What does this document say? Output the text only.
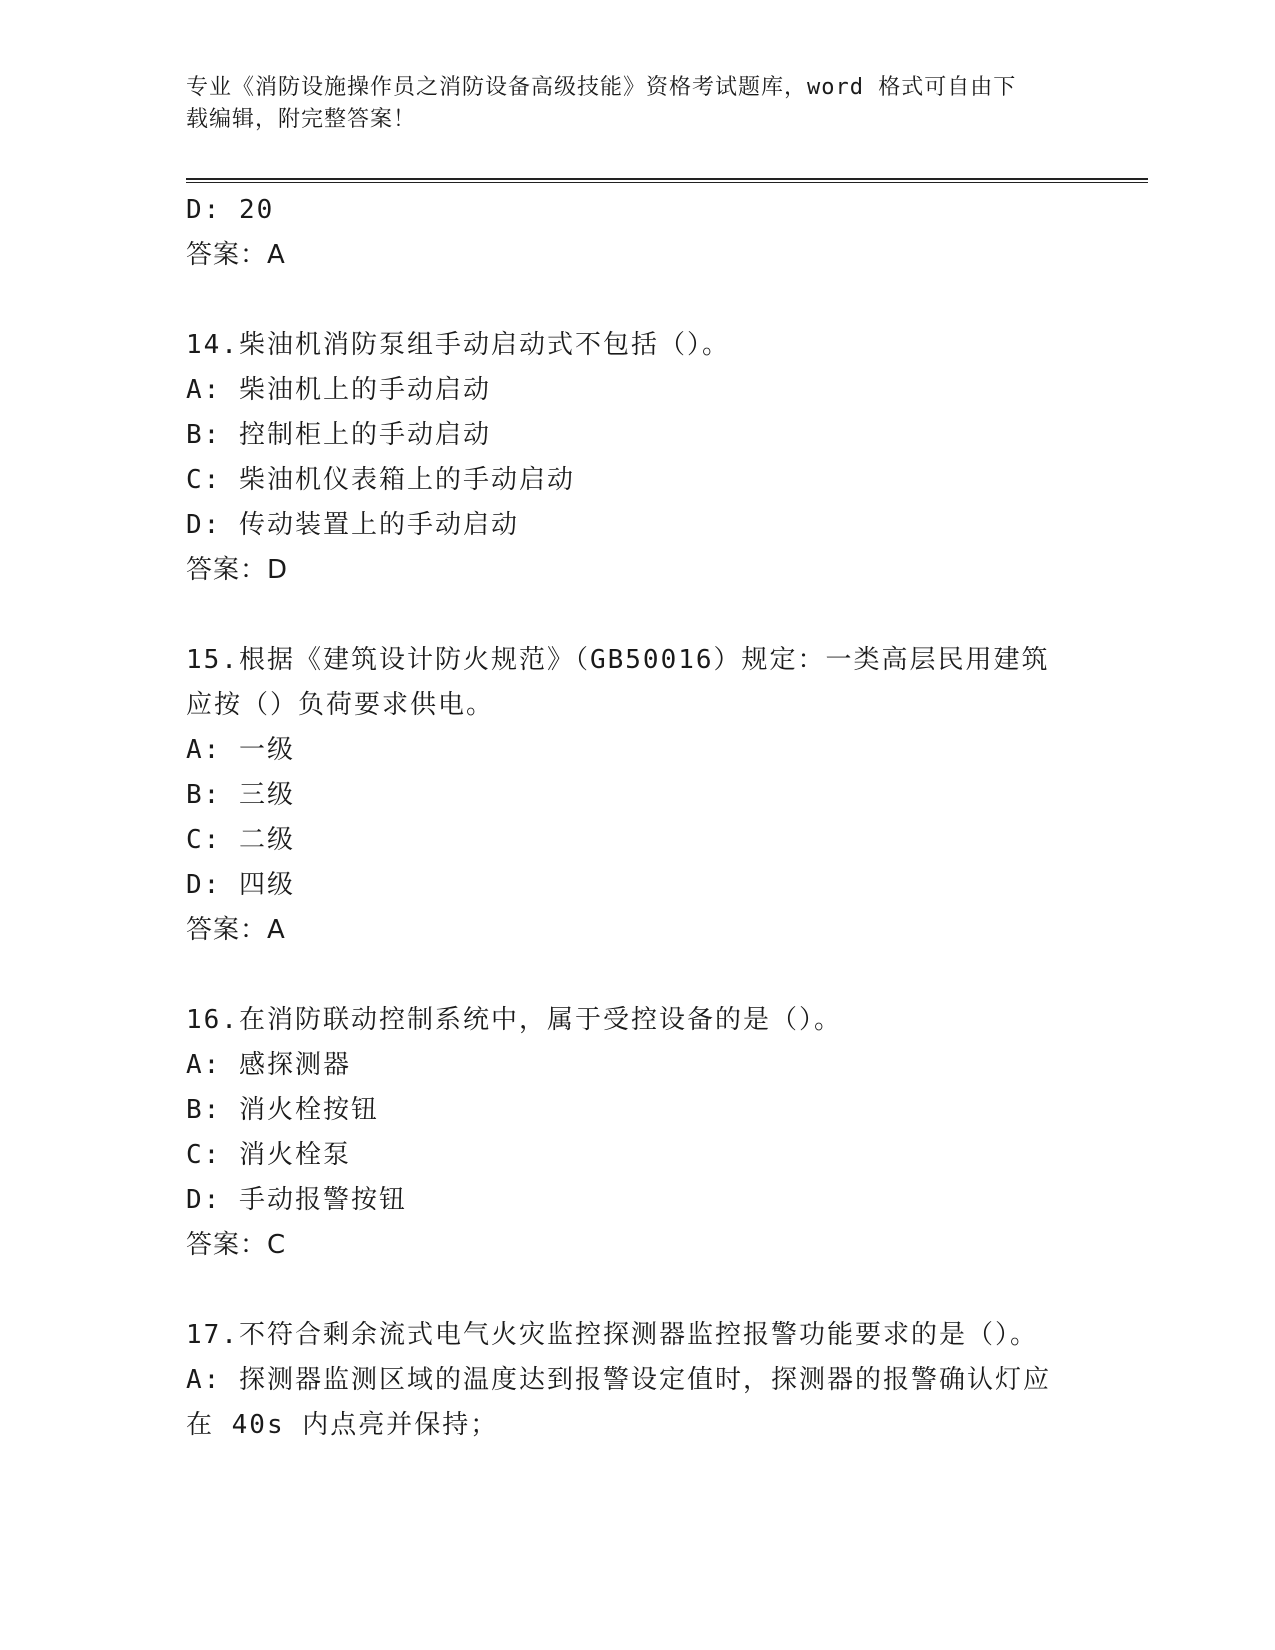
专业《消防设施操作员之消防设备高级技能》资格考试题库，word 格式可自由下
载编辑，附完整答案！
D: 20
答案：A
14.柴油机消防泵组手动启动式不包括（）。
A: 柴油机上的手动启动
B: 控制柜上的手动启动
C: 柴油机仪表箱上的手动启动
D: 传动装置上的手动启动
答案：D
15.根据《建筑设计防火规范》（GB50016）规定：一类高层民用建筑
应按（）负荷要求供电。
A: 一级
B: 三级
C: 二级
D: 四级
答案：A
16.在消防联动控制系统中，属于受控设备的是（）。
A: 感探测器
B: 消火栓按钮
C: 消火栓泵
D: 手动报警按钮
答案：C
17.不符合剩余流式电气火灾监控探测器监控报警功能要求的是（）。
A: 探测器监测区域的温度达到报警设定值时，探测器的报警确认灯应
在 40s 内点亮并保持；
